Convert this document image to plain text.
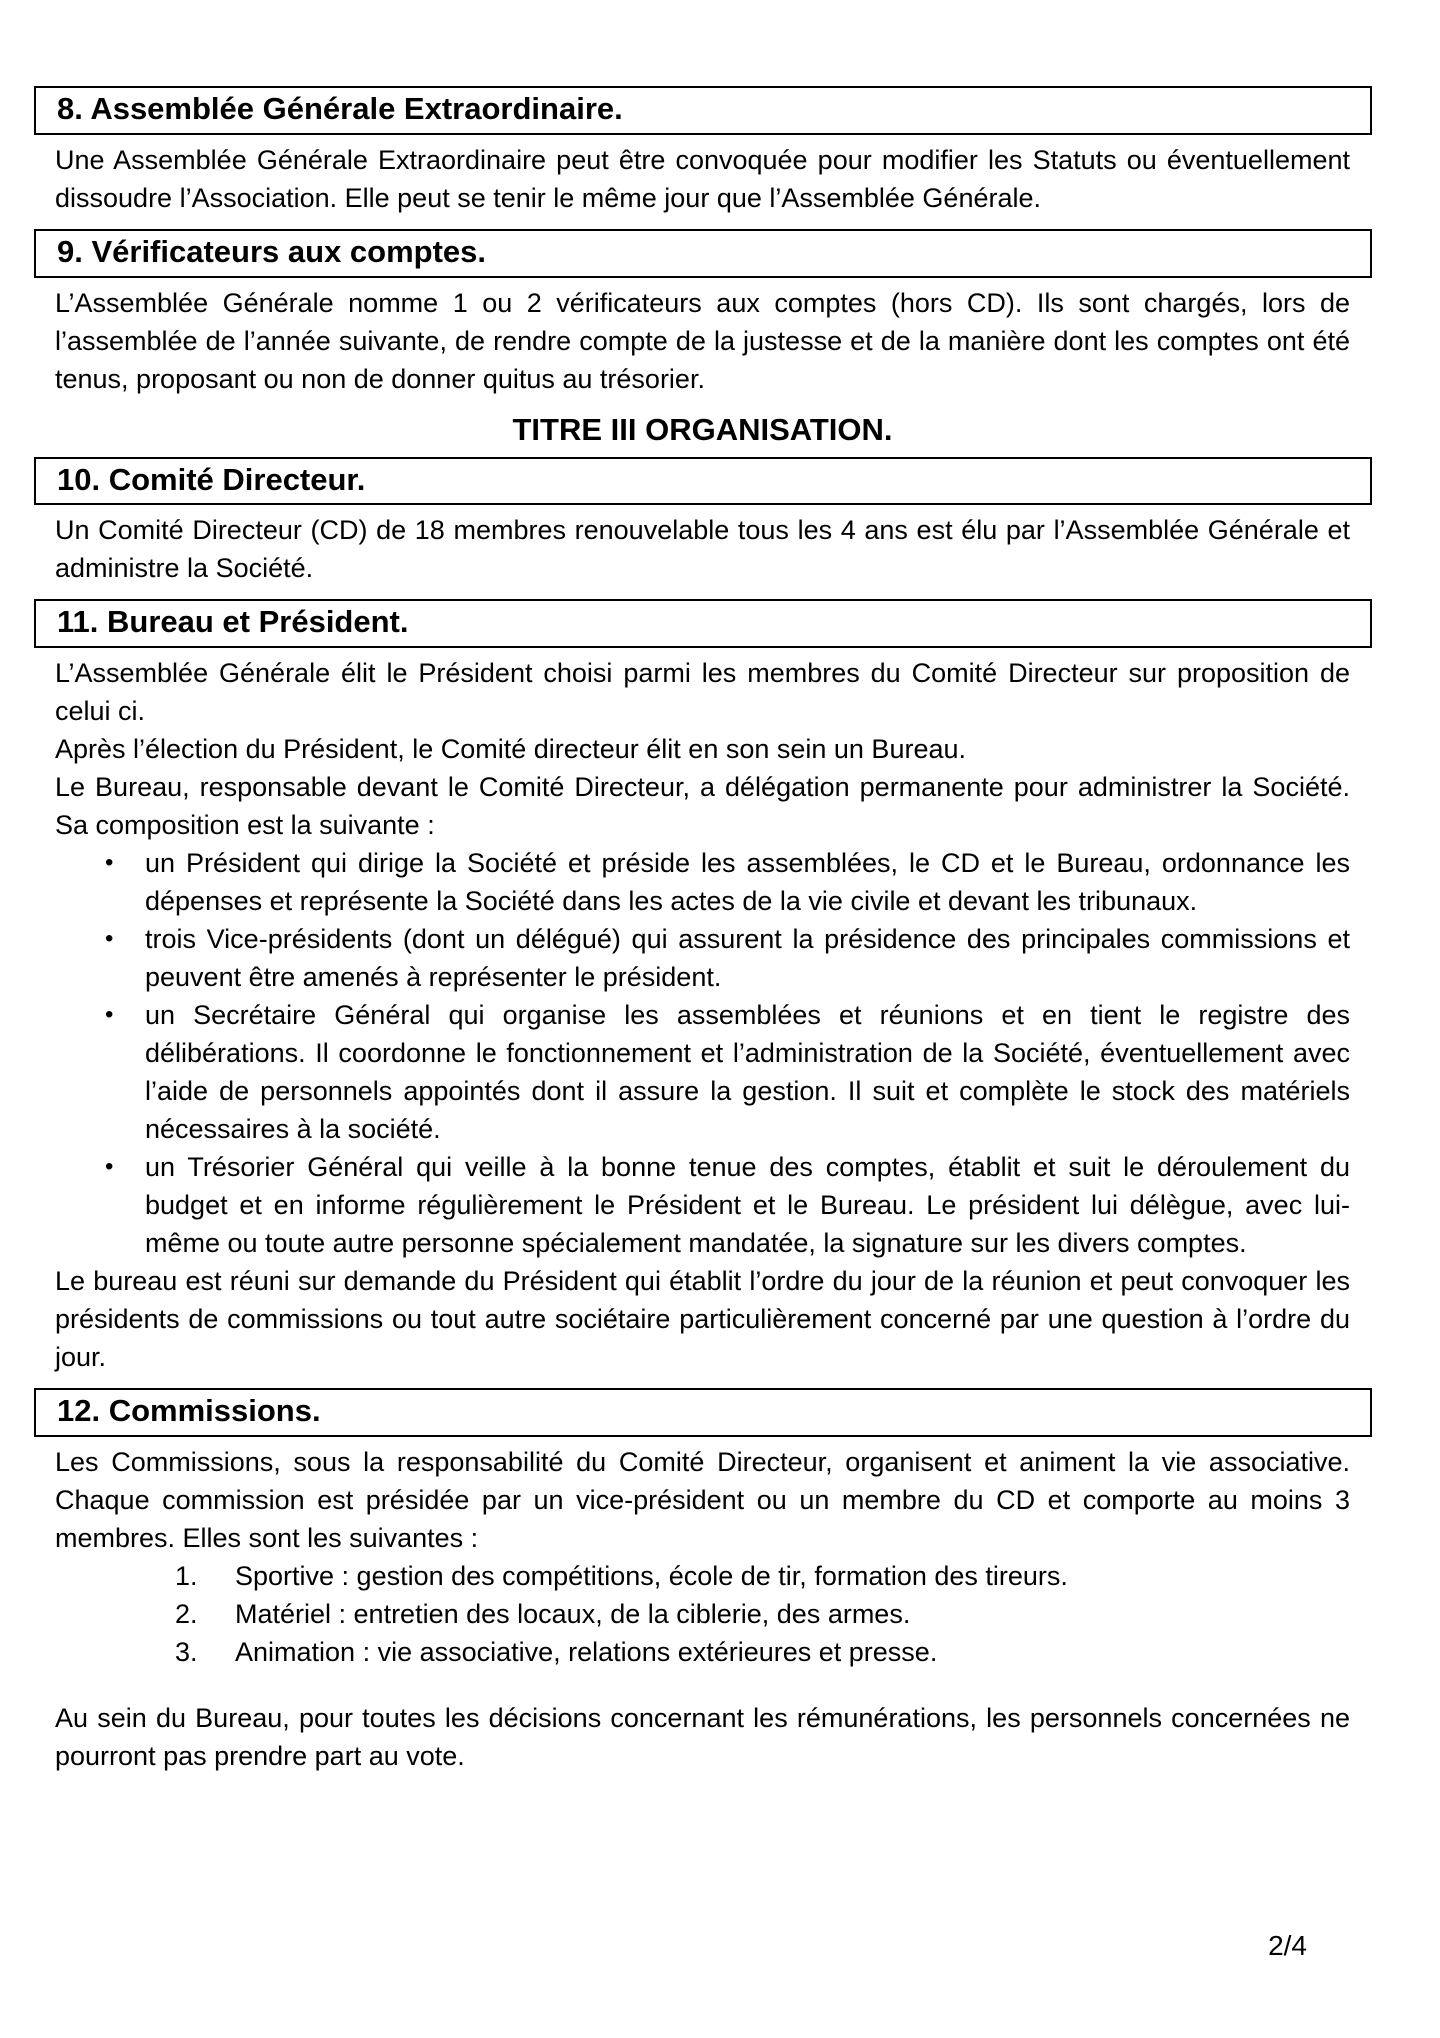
8. Assemblée Générale Extraordinaire.

Une Assemblée Générale Extraordinaire peut être convoquée pour modifier les Statuts ou éventuellement dissoudre l’Association. Elle peut se tenir le même jour que l’Assemblée Générale.

9. Vérificateurs aux comptes.

L’Assemblée Générale nomme 1 ou 2 vérificateurs aux comptes (hors CD). Ils sont chargés, lors de l’assemblée de l’année suivante, de rendre compte de la justesse et de la manière dont les comptes ont été tenus, proposant ou non de donner quitus au trésorier.

TITRE III ORGANISATION.
10. Comité Directeur.

Un Comité Directeur (CD) de 18 membres renouvelable tous les 4 ans est élu par l’Assemblée Générale et administre la Société.

11. Bureau et Président.

L’Assemblée Générale élit le Président choisi parmi les membres du Comité Directeur sur proposition de celui ci.

Après l’élection du Président, le Comité directeur élit en son sein un Bureau.

Le Bureau, responsable devant le Comité Directeur, a délégation permanente pour administrer la Société. Sa composition est la suivante :

•	un Président qui dirige la Société et préside les assemblées, le CD et le Bureau, ordonnance les dépenses et représente la Société dans les actes de la vie civile et devant les tribunaux.
•	trois Vice-présidents (dont un délégué) qui assurent la présidence des principales commissions et peuvent être amenés à représenter le président.
•	un Secrétaire Général qui organise les assemblées et réunions et en tient le registre des délibérations. Il coordonne le fonctionnement et l’administration de la Société, éventuellement avec l’aide de personnels appointés dont il assure la gestion. Il suit et complète le stock des matériels nécessaires à la société.
•	un Trésorier Général qui veille à la bonne tenue des comptes, établit et suit le déroulement du budget et en informe régulièrement le Président et le Bureau. Le président lui délègue, avec lui-même ou toute autre personne spécialement mandatée, la signature sur les divers comptes.

Le bureau est réuni sur demande du Président qui établit l’ordre du jour de la réunion et peut convoquer les présidents de commissions ou tout autre sociétaire particulièrement concerné par une question à l’ordre du jour.

12. Commissions.

Les Commissions, sous la responsabilité du Comité Directeur, organisent et animent la vie associative. Chaque commission est présidée par un vice-président ou un membre du CD et comporte au moins 3 membres. Elles sont les suivantes :

1.	Sportive : gestion des compétitions, école de tir, formation des tireurs.
2.	Matériel : entretien des locaux, de la ciblerie, des armes.
3.	Animation : vie associative, relations extérieures et presse.

Au sein du Bureau, pour toutes les décisions concernant les rémunérations, les personnels concernées ne pourront pas prendre part au vote.

2/4
